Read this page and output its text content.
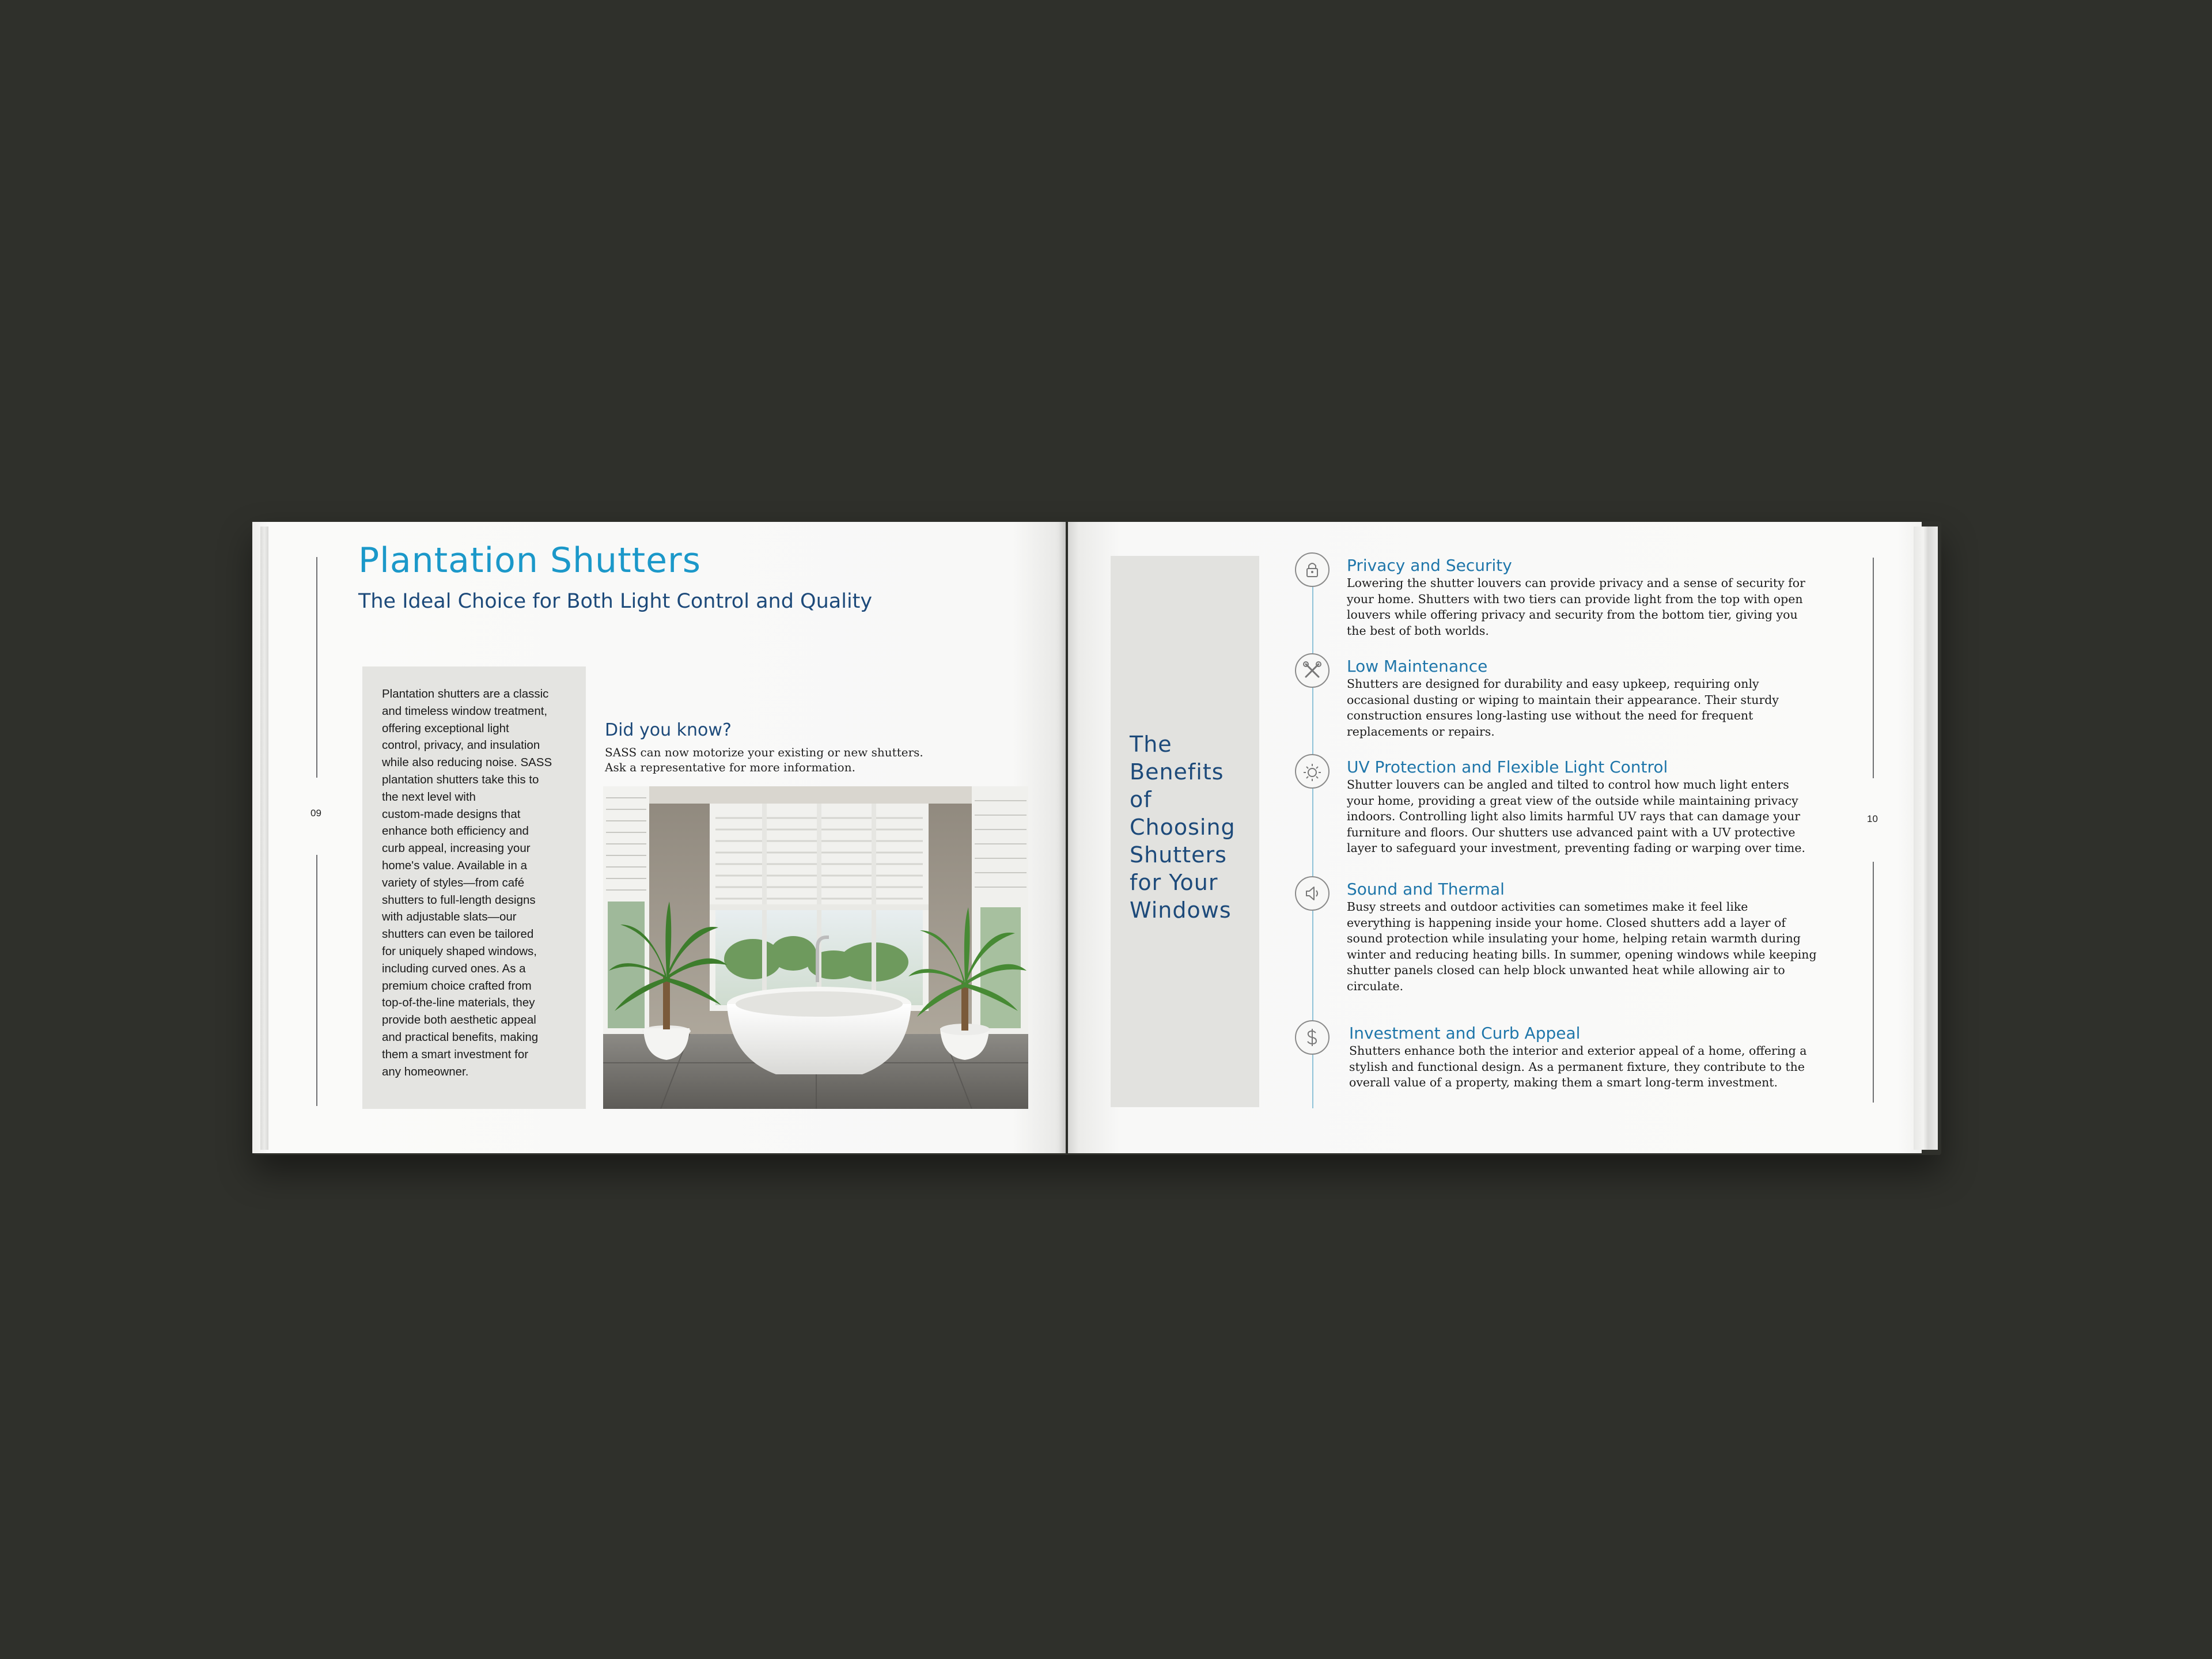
09
Plantation Shutters
The Ideal Choice for Both Light Control and Quality
Plantation shutters are a classic
and timeless window treatment,
offering exceptional light
control, privacy, and insulation
while also reducing noise. SASS
plantation shutters take this to
the next level with
custom-made designs that
enhance both efficiency and
curb appeal, increasing your
home's value. Available in a
variety of styles—from café
shutters to full-length designs
with adjustable slats—our
shutters can even be tailored
for uniquely shaped windows,
including curved ones. As a
premium choice crafted from
top-of-the-line materials, they
provide both aesthetic appeal
and practical benefits, making
them a smart investment for
any homeowner.
Did you know?
SASS can now motorize your existing or new shutters.
Ask a representative for more information.
The
Benefits
of
Choosing
Shutters
for Your
Windows
10
Privacy and Security
Lowering the shutter louvers can provide privacy and a sense of security for
your home. Shutters with two tiers can provide light from the top with open
louvers while offering privacy and security from the bottom tier, giving you
the best of both worlds.
Low Maintenance
Shutters are designed for durability and easy upkeep, requiring only
occasional dusting or wiping to maintain their appearance. Their sturdy
construction ensures long-lasting use without the need for frequent
replacements or repairs.
UV Protection and Flexible Light Control
Shutter louvers can be angled and tilted to control how much light enters
your home, providing a great view of the outside while maintaining privacy
indoors. Controlling light also limits harmful UV rays that can damage your
furniture and floors. Our shutters use advanced paint with a UV protective
layer to safeguard your investment, preventing fading or warping over time.
Sound and Thermal
Busy streets and outdoor activities can sometimes make it feel like
everything is happening inside your home. Closed shutters add a layer of
sound protection while insulating your home, helping retain warmth during
winter and reducing heating bills. In summer, opening windows while keeping
shutter panels closed can help block unwanted heat while allowing air to
circulate.
Investment and Curb Appeal
Shutters enhance both the interior and exterior appeal of a home, offering a
stylish and functional design. As a permanent fixture, they contribute to the
overall value of a property, making them a smart long-term investment.
